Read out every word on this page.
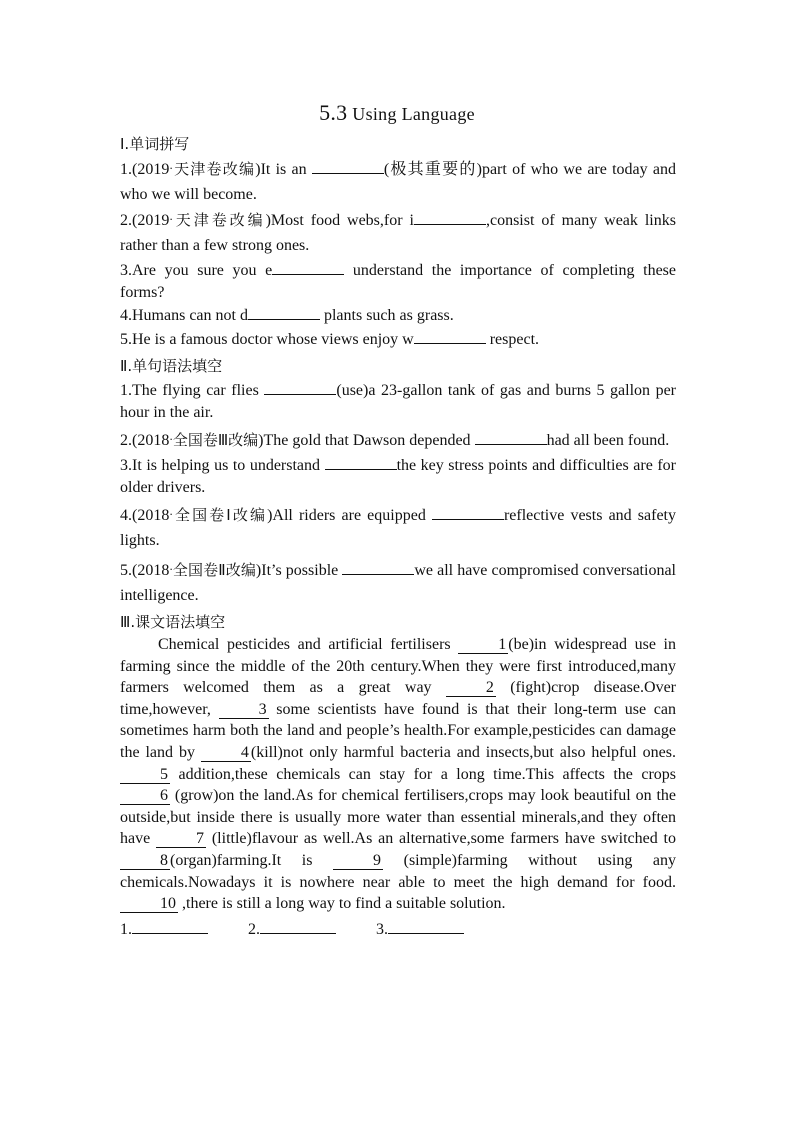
5.3 Using Language

Ⅰ.单词拼写

1.(2019·天津卷改编)It is an	(极其重要的)part of who we are today and who we will become.

2.(2019·天津卷改编)Most food webs,for i	,consist of many weak links rather than a few strong ones.

3.Are you sure you e	understand the importance of completing these forms?

4.Humans can not d	plants such as grass.

5.He is a famous doctor whose views enjoy w	respect.

Ⅱ.单句语法填空

1.The flying car flies	(use)a 23-gallon tank of gas and burns 5 gallon per hour in the air.

2.(2018·全国卷Ⅲ改编)The gold that Dawson depended	had all been found.

3.It is helping us to understand	the key stress points and difficulties are for older drivers.

4.(2018·全国卷Ⅰ改编)All riders are equipped	reflective vests and safety lights.

5.(2018·全国卷Ⅱ改编)It’s possible	we all have compromised conversational intelligence.

Ⅲ.课文语法填空

Chemical pesticides and artificial fertilisers	1 (be)in widespread use in farming since the middle of the 20th century.When they were first introduced,many farmers welcomed them as a great way	2 (fight)crop disease.Over time,however,	3 some scientists have found is that their long-term use can sometimes harm both the land and people’s health.For example,pesticides can damage the land by	4 (kill)not only harmful bacteria and insects,but also helpful ones. 5 addition,these chemicals can stay for a long time.This affects the crops 6 (grow)on the land.As for chemical fertilisers,crops may look beautiful on the outside,but inside there is usually more water than essential minerals,and they often have	7 (little)flavour as well.As an alternative,some farmers have switched to 8 (organ)farming.It is	9 (simple)farming without using any chemicals.Nowadays it is nowhere near able to meet the high demand for food. 10 ,there is still a long way to find a suitable solution.

1.	2.	3.
